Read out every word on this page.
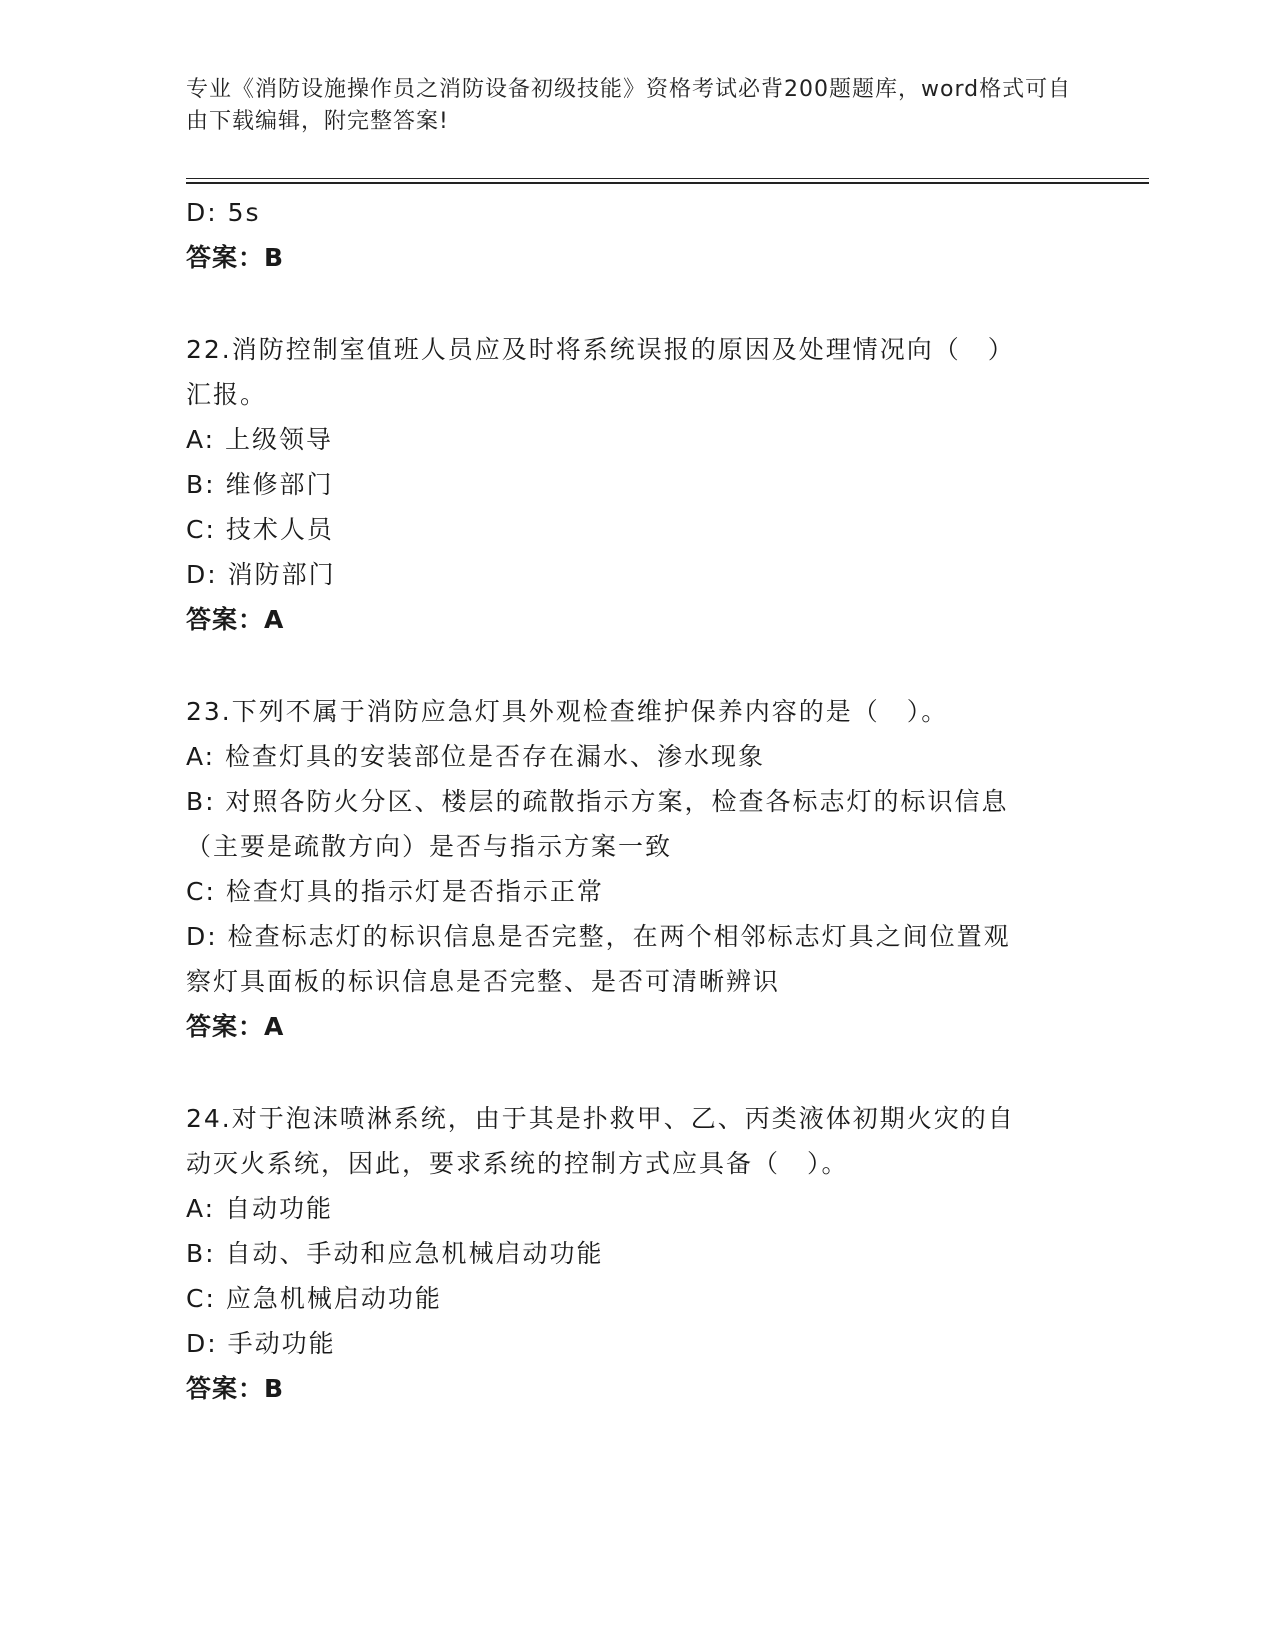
专业《消防设施操作员之消防设备初级技能》资格考试必背200题题库，word格式可自由下载编辑，附完整答案!
D: 5s
答案：B
22.消防控制室值班人员应及时将系统误报的原因及处理情况向（　）
汇报。
A: 上级领导
B: 维修部门
C: 技术人员
D: 消防部门
答案：A
23.下列不属于消防应急灯具外观检查维护保养内容的是（　）。
A: 检查灯具的安装部位是否存在漏水、渗水现象
B: 对照各防火分区、楼层的疏散指示方案，检查各标志灯的标识信息
（主要是疏散方向）是否与指示方案一致
C: 检查灯具的指示灯是否指示正常
D: 检查标志灯的标识信息是否完整，在两个相邻标志灯具之间位置观
察灯具面板的标识信息是否完整、是否可清晰辨识
答案：A
24.对于泡沫喷淋系统，由于其是扑救甲、乙、丙类液体初期火灾的自
动灭火系统，因此，要求系统的控制方式应具备（　）。
A: 自动功能
B: 自动、手动和应急机械启动功能
C: 应急机械启动功能
D: 手动功能
答案：B
